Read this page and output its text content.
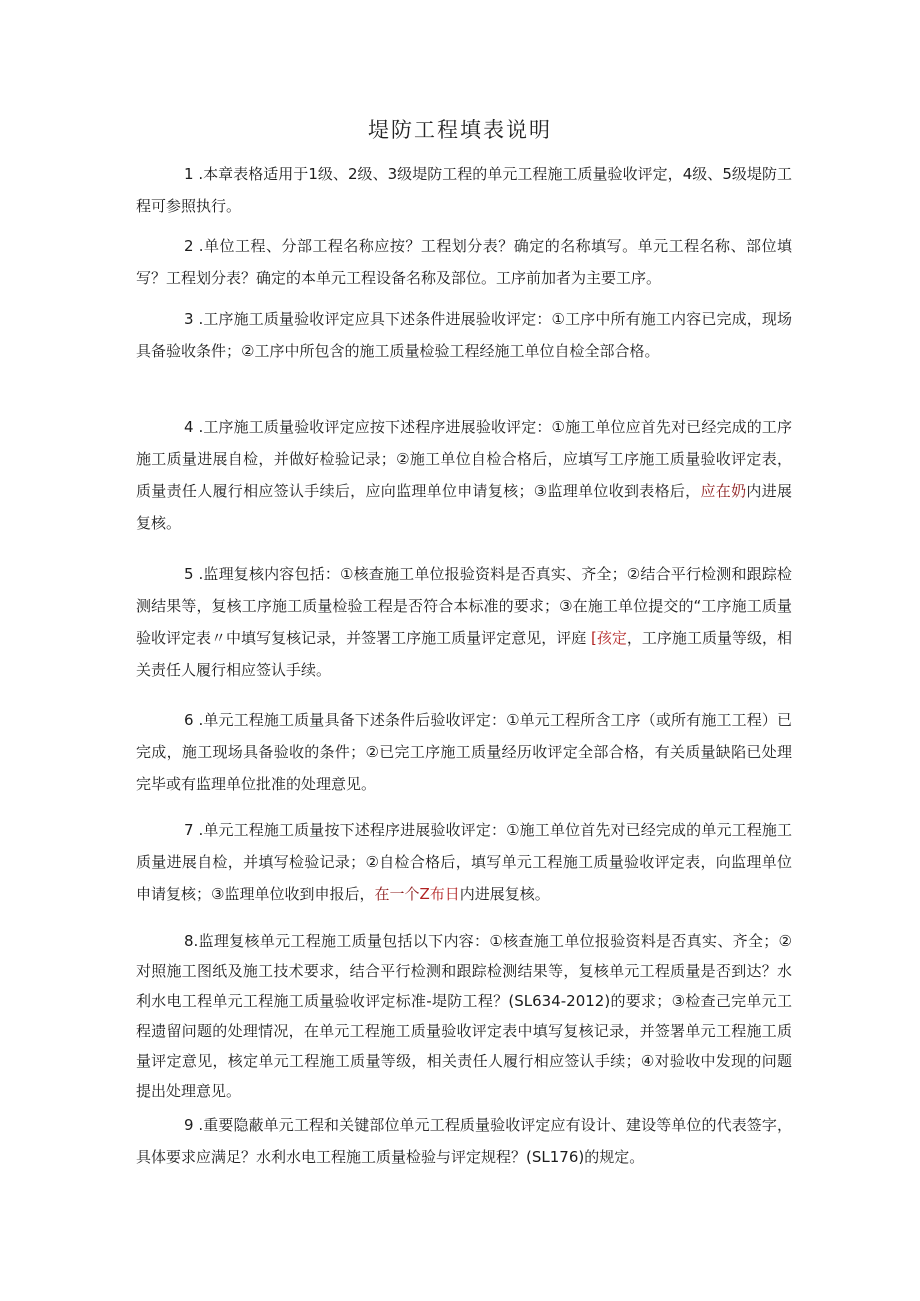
堤防工程填表说明

1 .本章表格适用于1级、2级、3级堤防工程的单元工程施工质量验收评定，4级、5级堤防工程可参照执行。

2 .单位工程、分部工程名称应按？工程划分表？确定的名称填写。单元工程名称、部位填写？工程划分表？确定的本单元工程设备名称及部位。工序前加者为主要工序。

3 .工序施工质量验收评定应具下述条件进展验收评定：①工序中所有施工内容已完成，现场具备验收条件；②工序中所包含的施工质量检验工程经施工单位自检全部合格。

4 .工序施工质量验收评定应按下述程序进展验收评定：①施工单位应首先对已经完成的工序施工质量进展自检，并做好检验记录；②施工单位自检合格后，应填写工序施工质量验收评定表，质量责任人履行相应签认手续后，应向监理单位申请复核；③监理单位收到表格后，应在奶内进展复核。

5 .监理复核内容包括：①核查施工单位报验资料是否真实、齐全；②结合平行检测和跟踪检测结果等，复核工序施工质量检验工程是否符合本标准的要求；③在施工单位提交的“工序施工质量验收评定表〃中填写复核记录，并签署工序施工质量评定意见，评庭 [孩定，工序施工质量等级，相关责任人履行相应签认手续。

6 .单元工程施工质量具备下述条件后验收评定：①单元工程所含工序（或所有施工工程）已完成，施工现场具备验收的条件；②已完工序施工质量经历收评定全部合格，有关质量缺陷已处理完毕或有监理单位批准的处理意见。

7 .单元工程施工质量按下述程序进展验收评定：①施工单位首先对已经完成的单元工程施工质量进展自检，并填写检验记录；②自检合格后，填写单元工程施工质量验收评定表，向监理单位申请复核；③监理单位收到申报后，在一个Z布日内进展复核。

8.监理复核单元工程施工质量包括以下内容：①核查施工单位报验资料是否真实、齐全；②对照施工图纸及施工技术要求，结合平行检测和跟踪检测结果等，复核单元工程质量是否到达？水利水电工程单元工程施工质量验收评定标准-堤防工程？(SL634-2012)的要求；③检查己完单元工程遗留问题的处理情况，在单元工程施工质量验收评定表中填写复核记录，并签署单元工程施工质量评定意见，核定单元工程施工质量等级，相关责任人履行相应签认手续；④对验收中发现的问题提出处理意见。

9 .重要隐蔽单元工程和关键部位单元工程质量验收评定应有设计、建设等单位的代表签字，具体要求应满足？水利水电工程施工质量检验与评定规程？(SL176)的规定。
